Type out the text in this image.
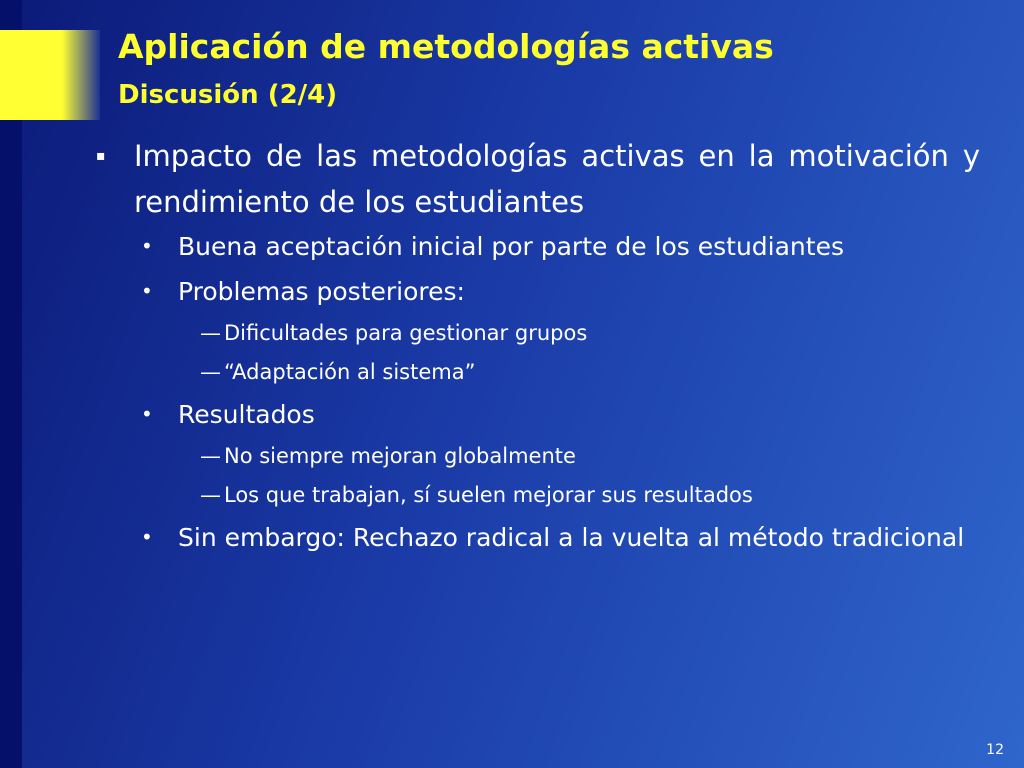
Aplicación de metodologías activas
Discusión (2/4)
▪ Impacto de las metodologías activas en la motivación y rendimiento de los estudiantes
•	Buena aceptación inicial por parte de los estudiantes
•	Problemas posteriores:
— Dificultades para gestionar grupos
— “Adaptación al sistema”
•	Resultados
— No siempre mejoran globalmente
— Los que trabajan, sí suelen mejorar sus resultados
•	Sin embargo: Rechazo radical a la vuelta al método tradicional
12
